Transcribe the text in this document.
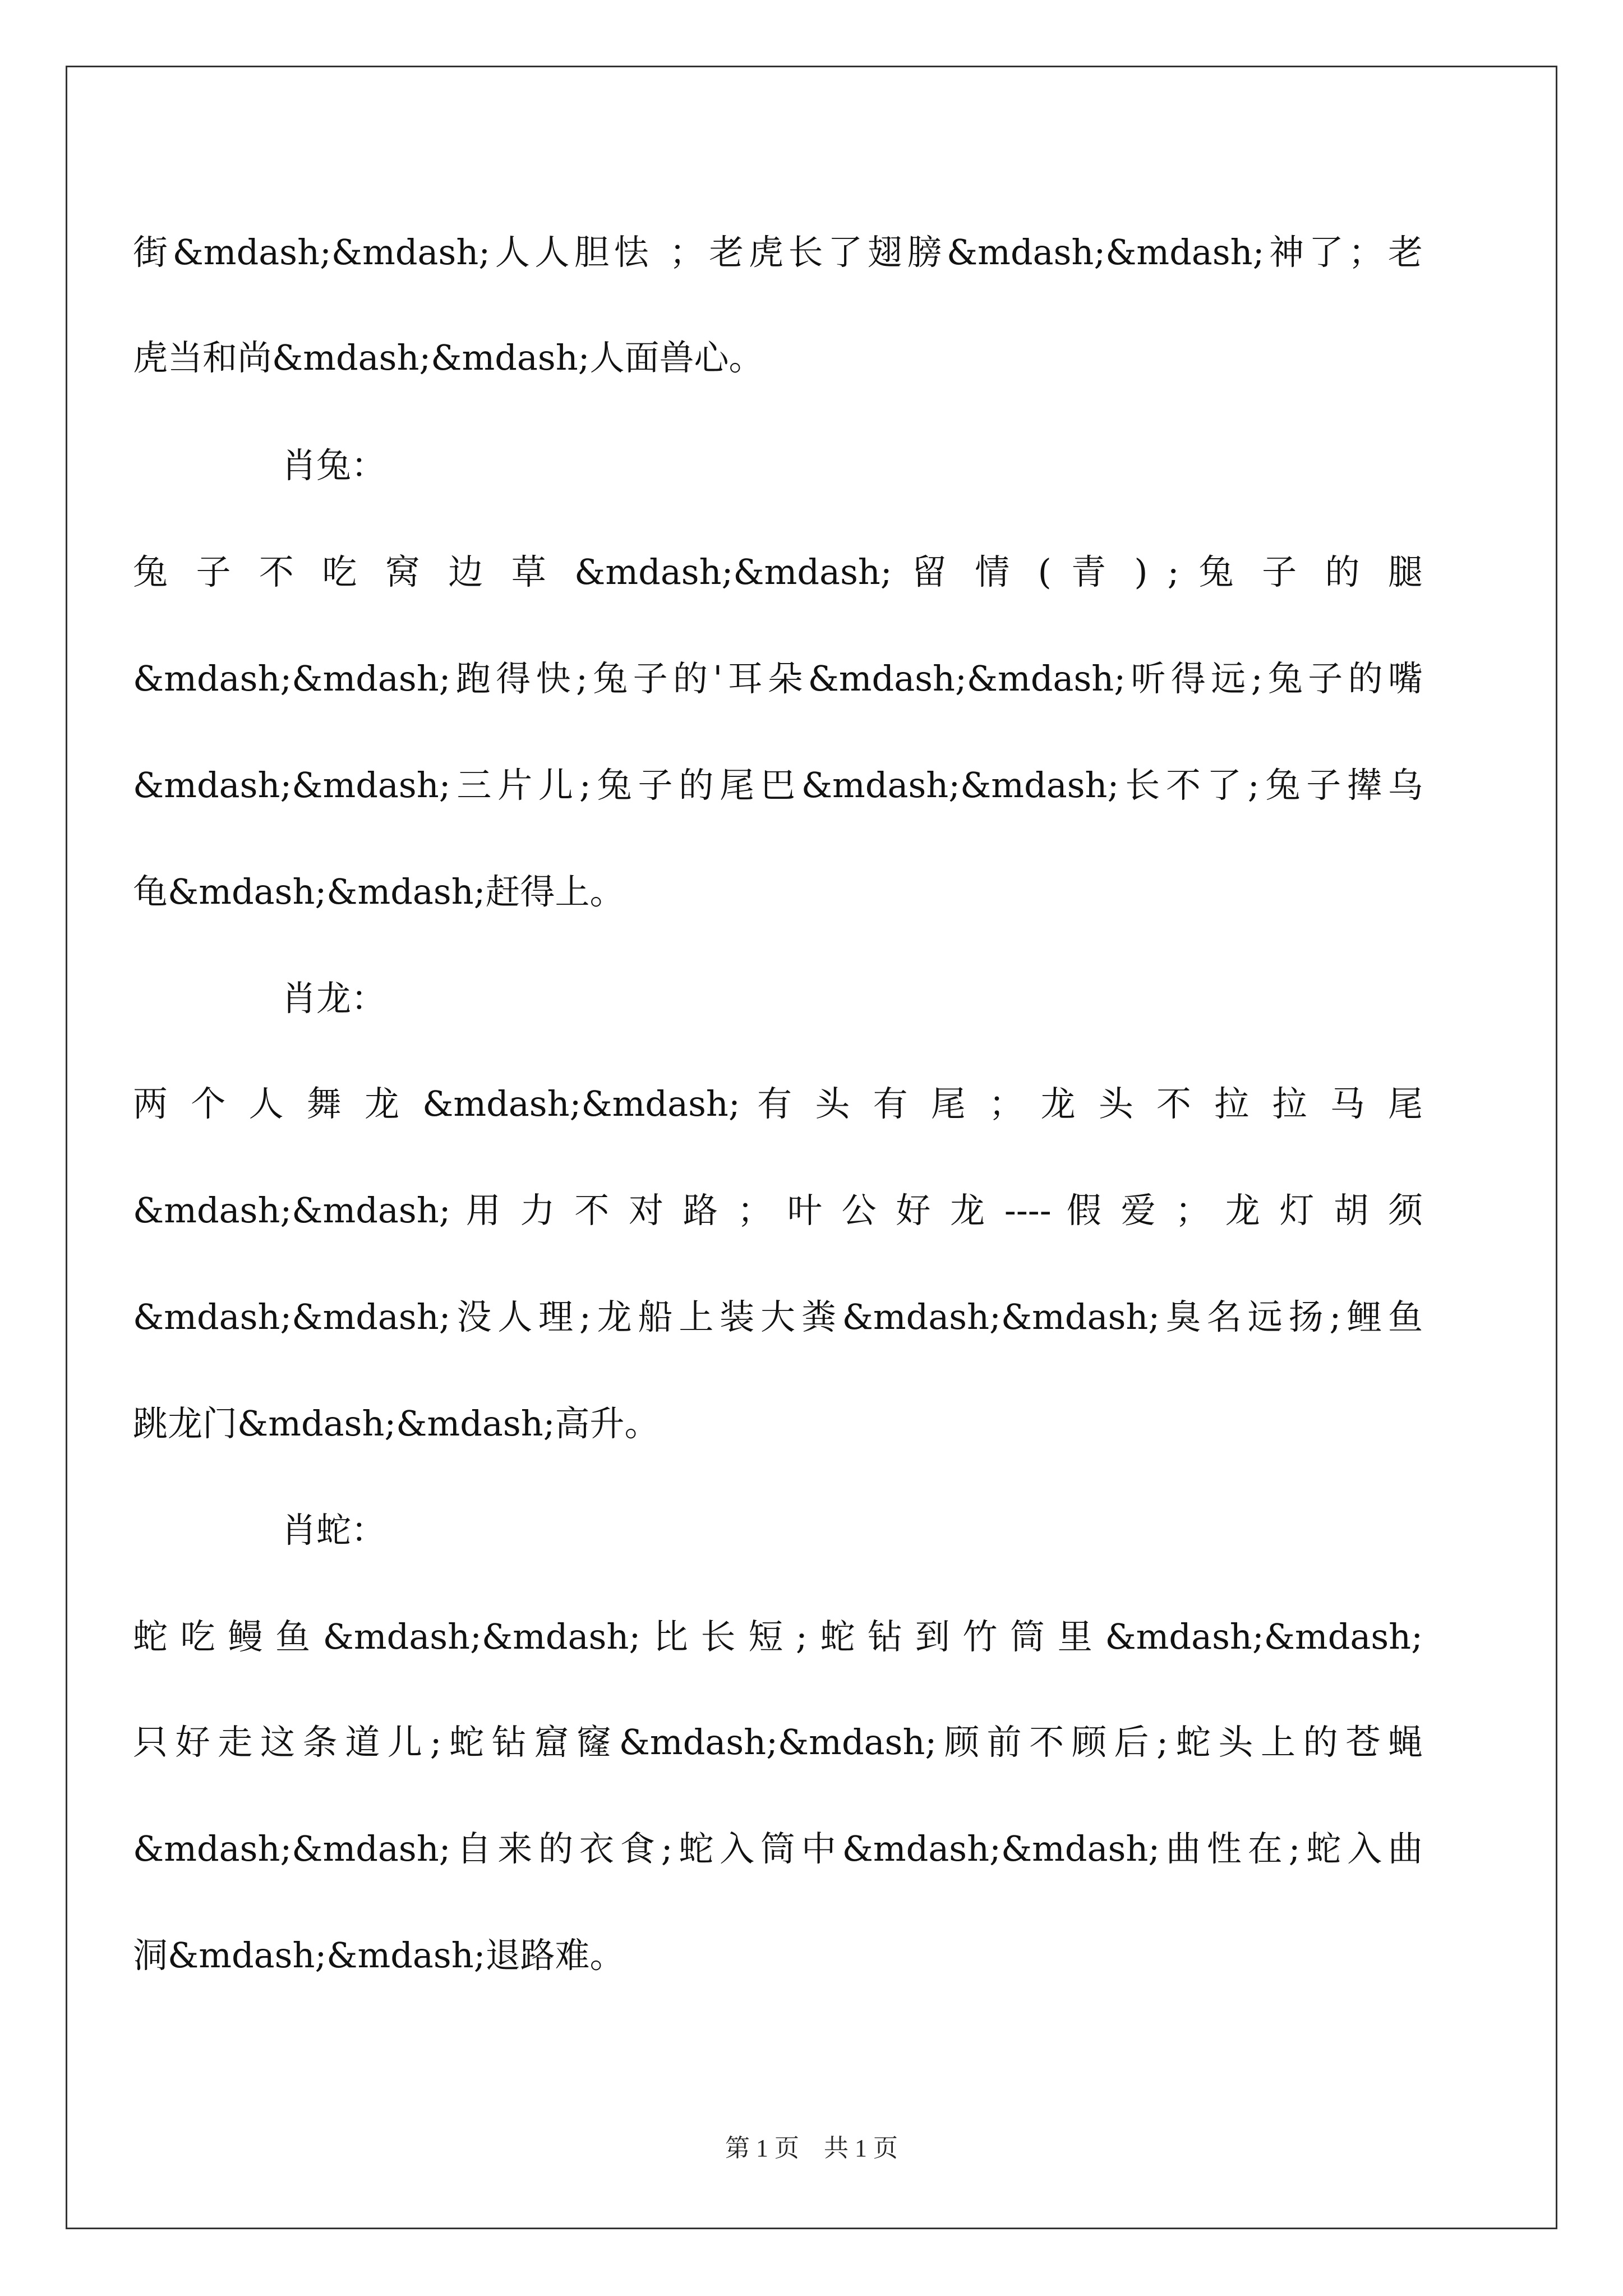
街&mdash;&mdash;人人胆怯 ；老虎长了翅膀&mdash;&mdash;神了；老
虎当和尚&mdash;&mdash;人面兽心。
肖兔：
兔 子 不 吃 窝 边 草 &mdash;&mdash; 留 情 ( 青 ) ; 兔 子 的 腿
&mdash;&mdash;跑得快;兔子的'耳朵&mdash;&mdash;听得远;兔子的嘴
&mdash;&mdash;三片儿;兔子的尾巴&mdash;&mdash;长不了;兔子撵乌
龟&mdash;&mdash;赶得上。
肖龙：
两 个 人 舞 龙 &mdash;&mdash; 有 头 有 尾 ； 龙 头 不 拉 拉 马 尾
&mdash;&mdash; 用 力 不 对 路 ； 叶 公 好 龙 ---- 假 爱 ； 龙 灯 胡 须
&mdash;&mdash;没人理;龙船上装大粪&mdash;&mdash;臭名远扬;鲤鱼
跳龙门&mdash;&mdash;高升。
肖蛇：
蛇吃鳗鱼&mdash;&mdash;比长短;蛇钻到竹筒里&mdash;&mdash;
只好走这条道儿;蛇钻窟窿&mdash;&mdash;顾前不顾后;蛇头上的苍蝇
&mdash;&mdash;自来的衣食;蛇入筒中&mdash;&mdash;曲性在;蛇入曲
洞&mdash;&mdash;退路难。
第 1 页    共 1 页
